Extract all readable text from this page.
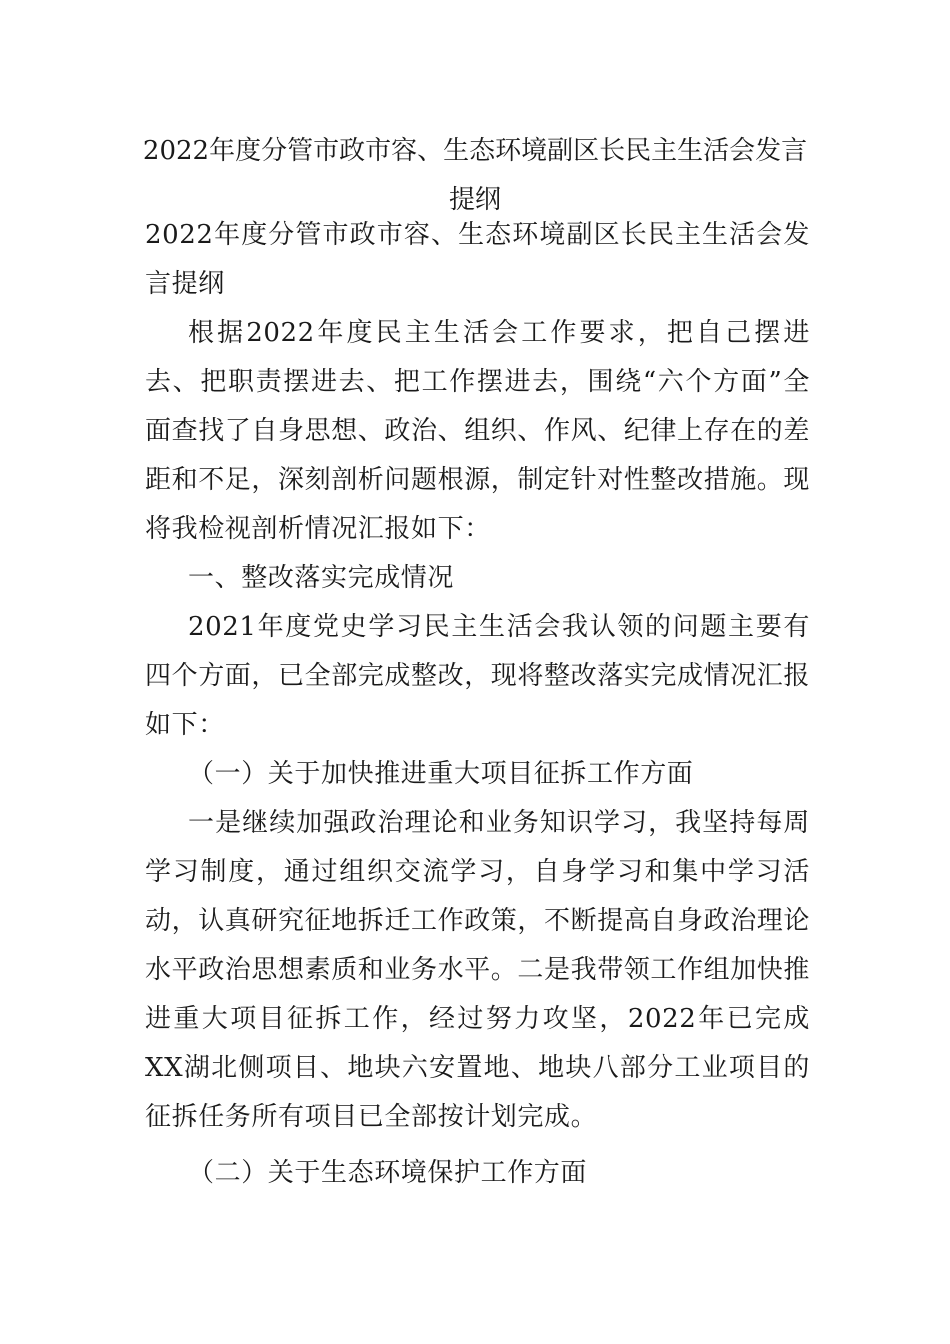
2022年度分管市政市容、生态环境副区长民主生活会发言
提纲

2022年度分管市政市容、生态环境副区长民主生活会发言提纲

根据2022年度民主生活会工作要求，把自己摆进去、把职责摆进去、把工作摆进去，围绕“六个方面”全面查找了自身思想、政治、组织、作风、纪律上存在的差距和不足，深刻剖析问题根源，制定针对性整改措施。现将我检视剖析情况汇报如下：

一、整改落实完成情况

2021年度党史学习民主生活会我认领的问题主要有四个方面，已全部完成整改，现将整改落实完成情况汇报如下：

（一）关于加快推进重大项目征拆工作方面

一是继续加强政治理论和业务知识学习，我坚持每周学习制度，通过组织交流学习，自身学习和集中学习活动，认真研究征地拆迁工作政策，不断提高自身政治理论水平政治思想素质和业务水平。二是我带领工作组加快推进重大项目征拆工作，经过努力攻坚，2022年已完成XX湖北侧项目、地块六安置地、地块八部分工业项目的征拆任务所有项目已全部按计划完成。

（二）关于生态环境保护工作方面
